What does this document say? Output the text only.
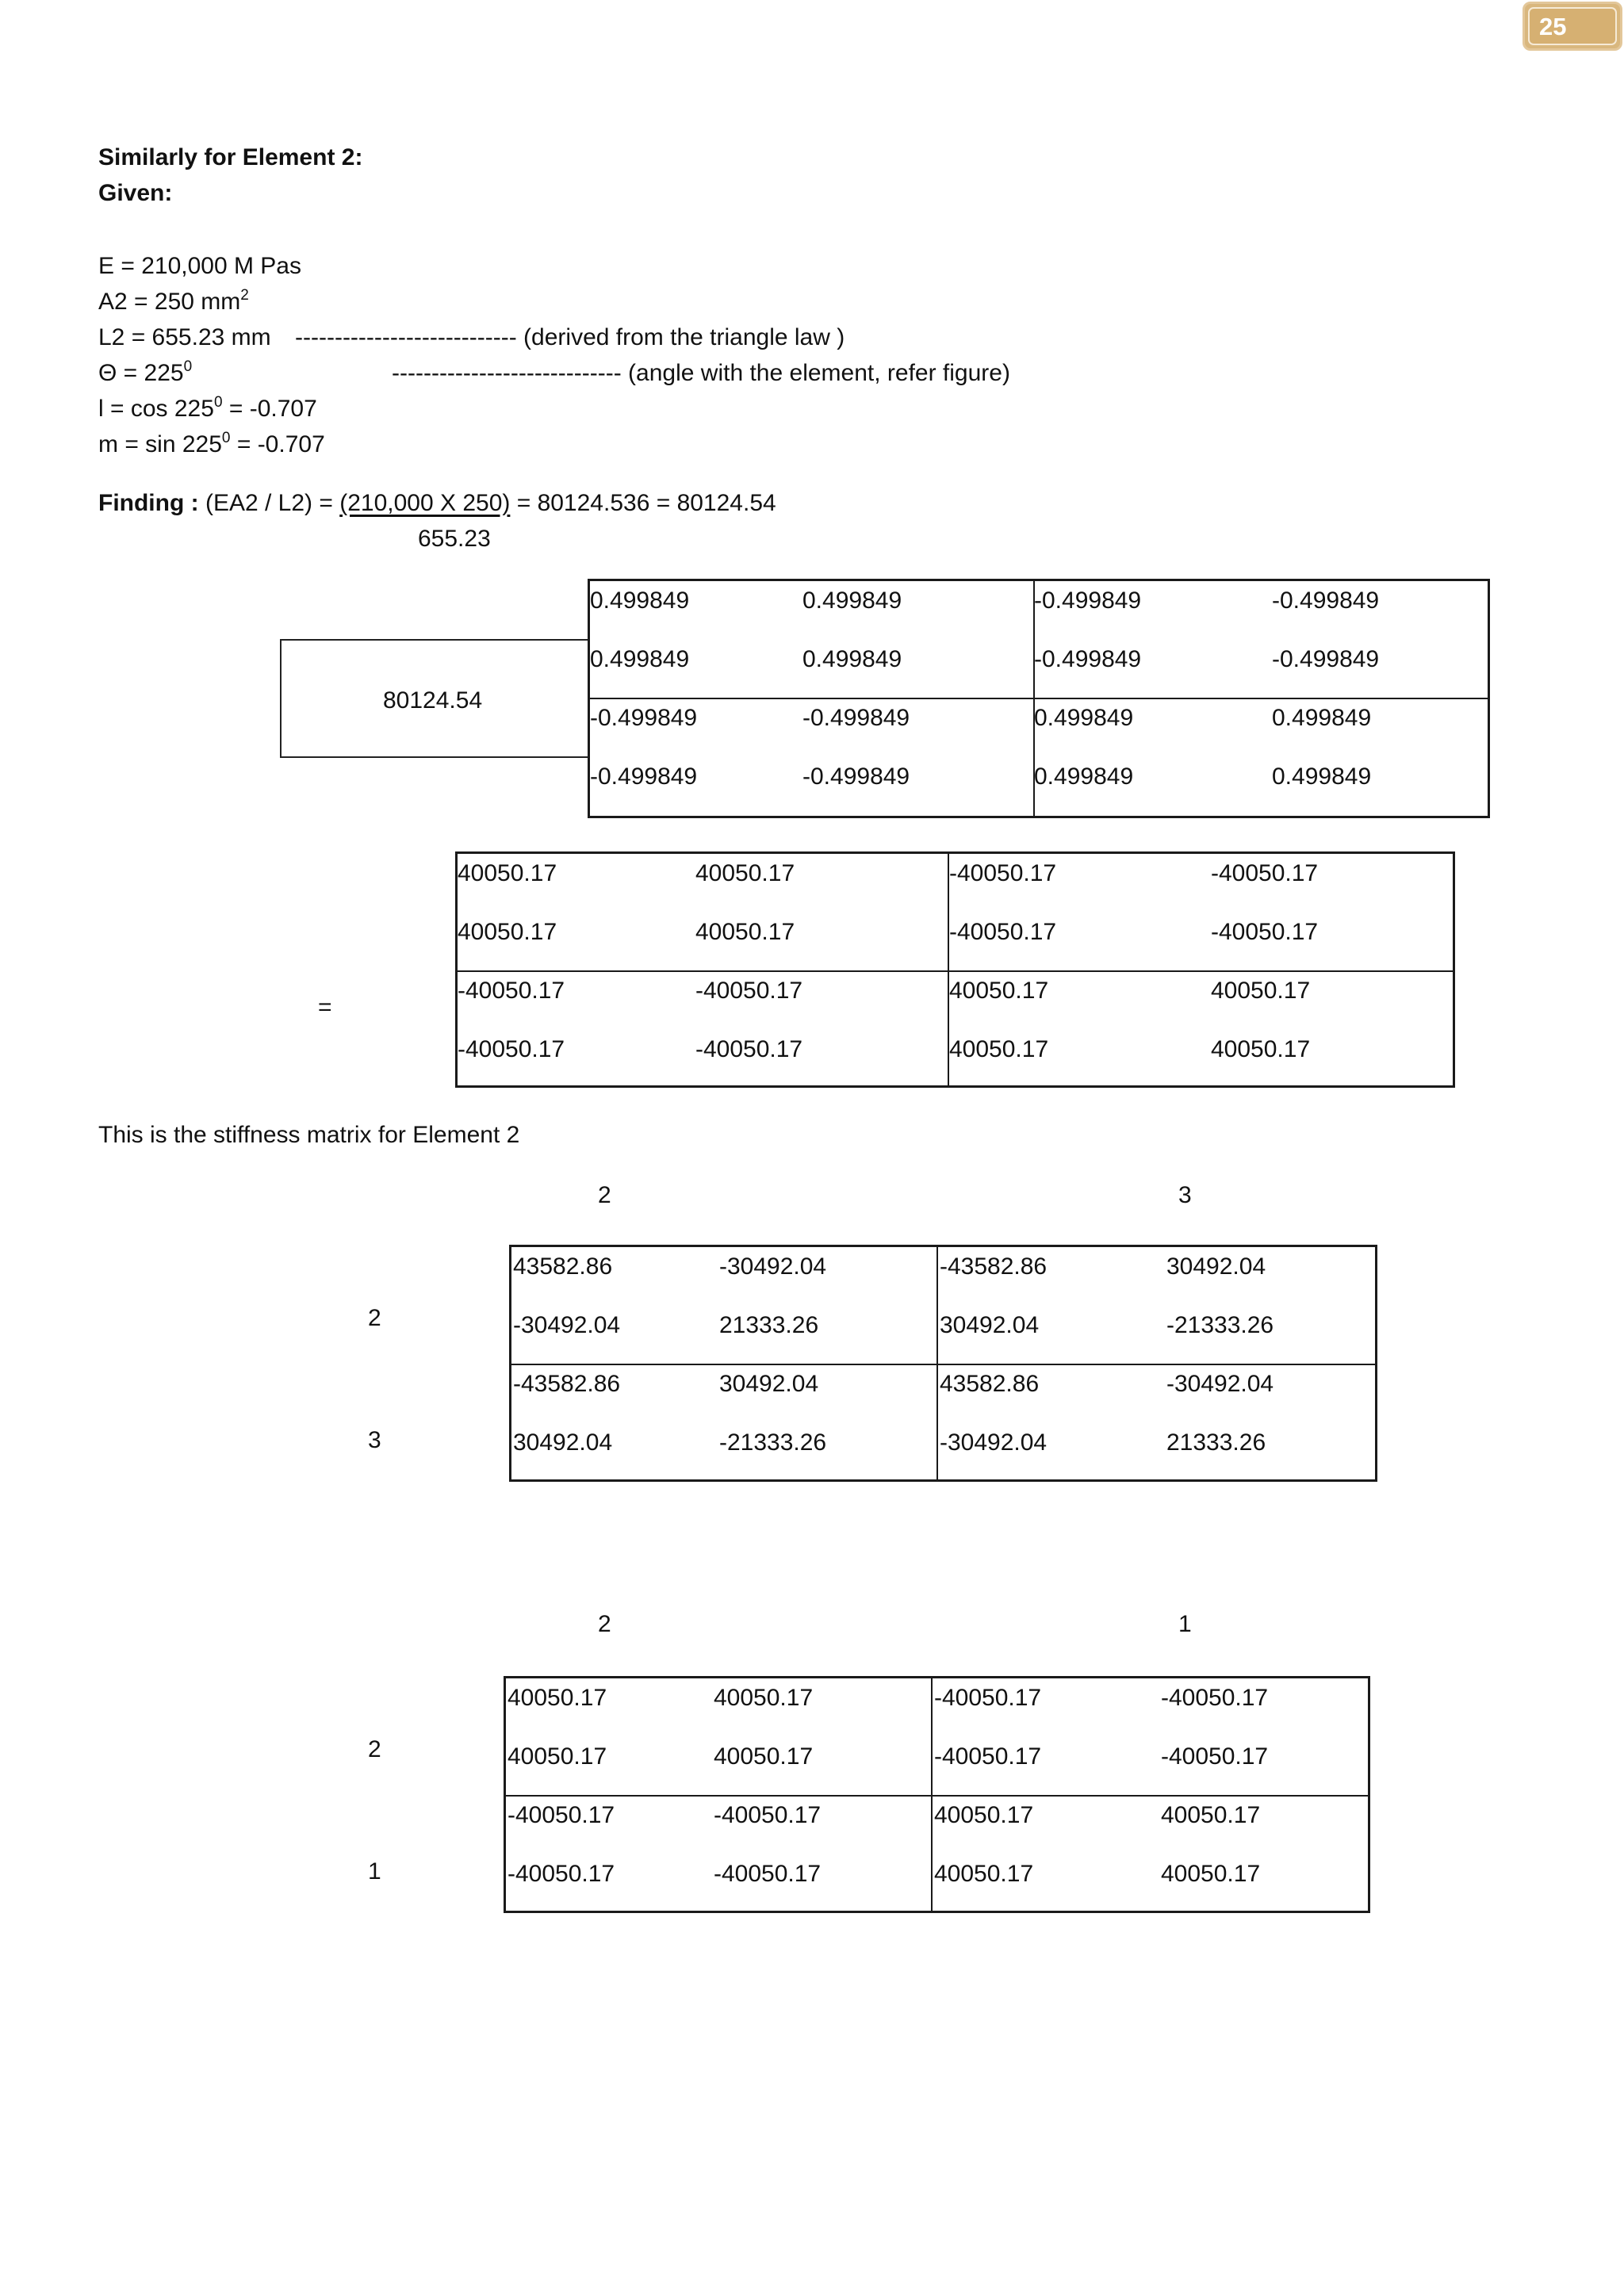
25
Similarly for Element 2:
Given:
E = 210,000 M Pas
A2 = 250 $mm^2$
L2 = 655.23 mm ---------------------------- (derived from the triangle law )
$\Theta = 225^0$	----------------------------- (angle with the element, refer figure)
$l = \cos 225^0 = -0.707$
$m = \sin 225^0 = -0.707$
Finding : (EA2 / L2) = (210,000 X 250) = 80124.536 = 80124.54
655.23
80124.54
0.499849	0.499849	-0.499849	-0.499849
0.499849	0.499849	-0.499849	-0.499849
-0.499849	-0.499849	0.499849	0.499849
-0.499849	-0.499849	0.499849	0.499849
=
40050.17	40050.17	-40050.17	-40050.17
40050.17	40050.17	-40050.17	-40050.17
-40050.17	-40050.17	40050.17	40050.17
-40050.17	-40050.17	40050.17	40050.17
This is the stiffness matrix for Element 2
2	3
2
3
43582.86	-30492.04	-43582.86	30492.04
-30492.04	21333.26	30492.04	-21333.26
-43582.86	30492.04	43582.86	-30492.04
30492.04	-21333.26	-30492.04	21333.26
2	1
2
1
40050.17	40050.17	-40050.17	-40050.17
40050.17	40050.17	-40050.17	-40050.17
-40050.17	-40050.17	40050.17	40050.17
-40050.17	-40050.17	40050.17	40050.17
